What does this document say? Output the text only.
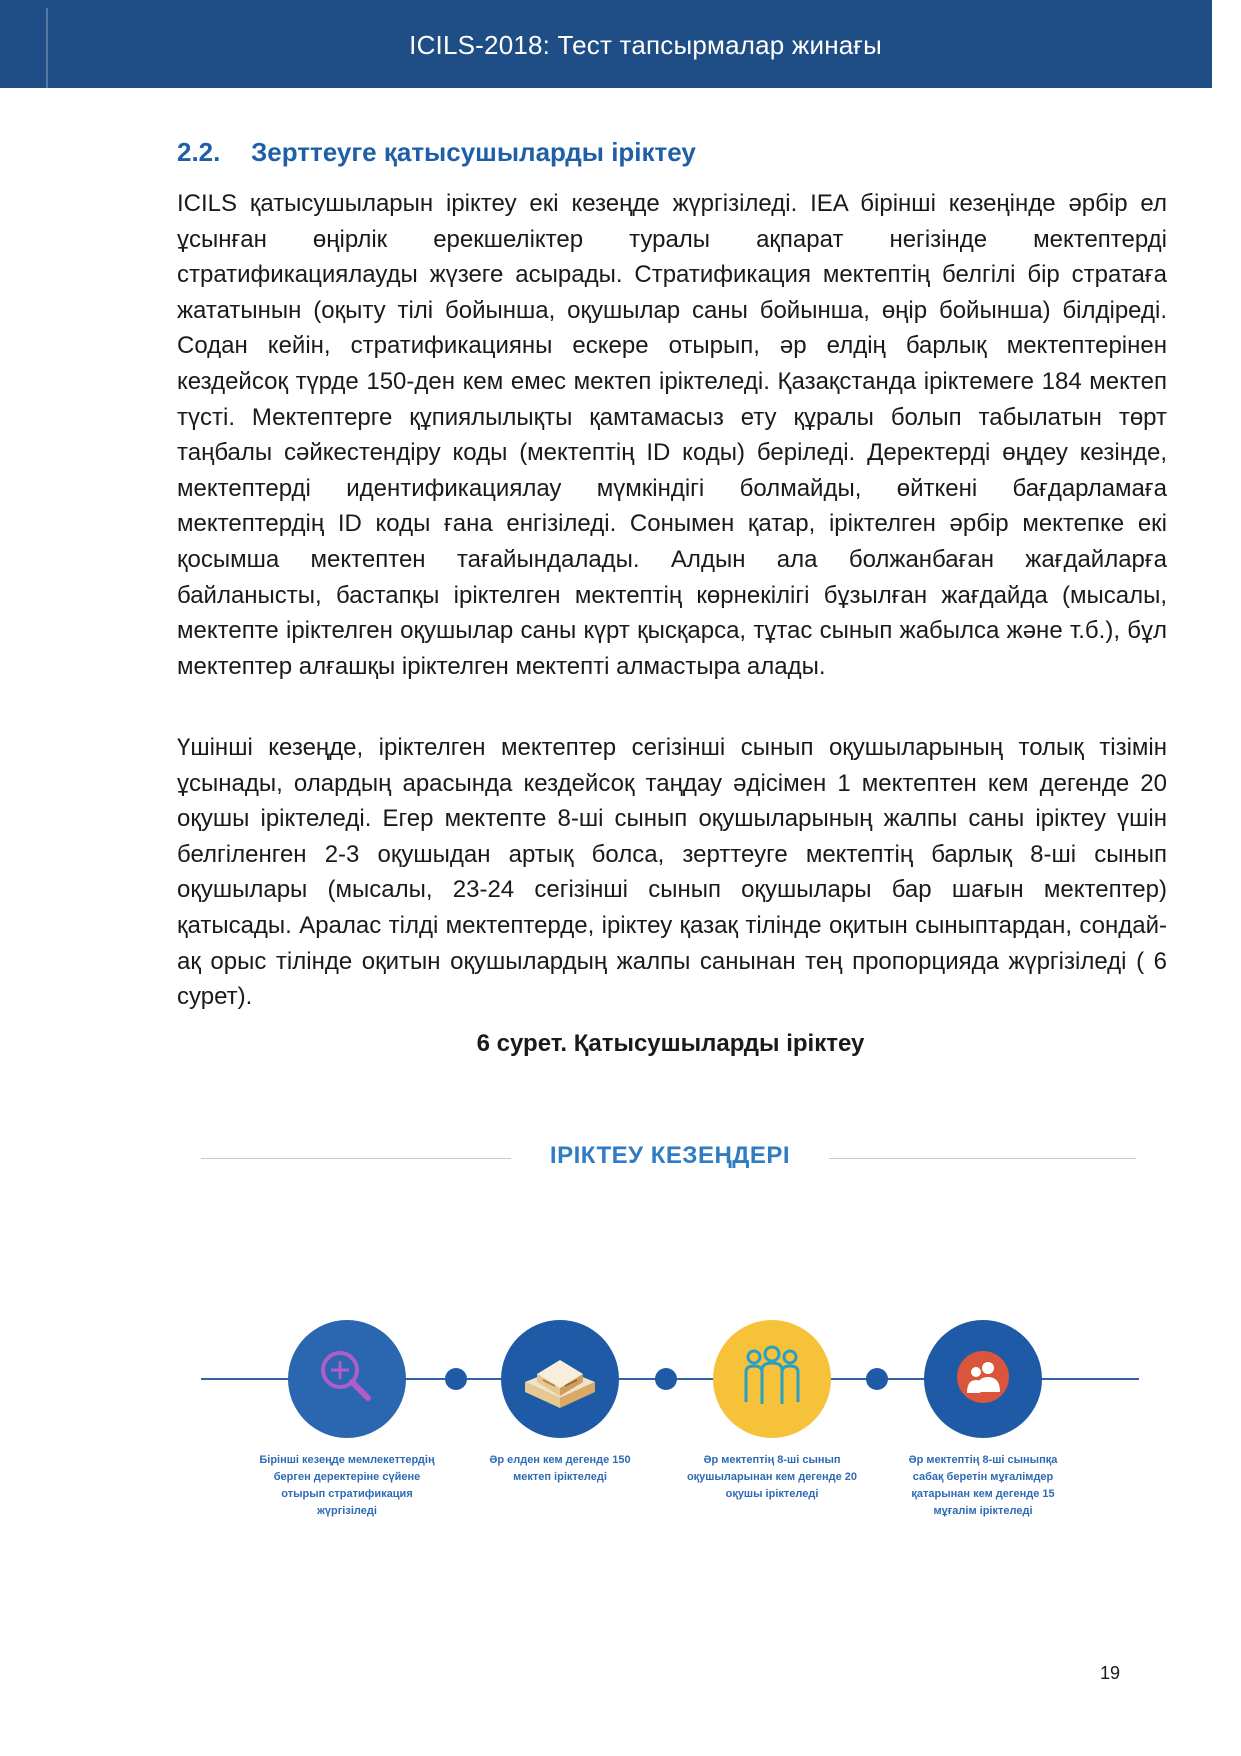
ICILS-2018: Тест тапсырмалар жинағы
2.2.	Зерттеуге қатысушыларды іріктеу

ICILS қатысушыларын іріктеу екі кезеңде жүргізіледі. IEA бірінші кезеңінде әрбір ел ұсынған өңірлік ерекшеліктер туралы ақпарат негізінде мектептерді стратификациялауды жүзеге асырады. Стратификация мектептің белгілі бір стратаға жататынын (оқыту тілі бойынша, оқушылар саны бойынша, өңір бойынша) білдіреді. Содан кейін, стратификацияны ескере отырып, әр елдің барлық мектептерінен кездейсоқ түрде 150-ден кем емес мектеп іріктеледі. Қазақстанда іріктемеге 184 мектеп түсті. Мектептерге құпиялылықты қамтамасыз ету құралы болып табылатын төрт таңбалы сәйкестендіру коды (мектептің ID коды) беріледі. Деректерді өңдеу кезінде, мектептерді идентификациялау мүмкіндігі болмайды, өйткені бағдарламаға мектептердің ID коды ғана енгізіледі. Сонымен қатар, іріктелген әрбір мектепке екі қосымша мектептен тағайындалады. Алдын ала болжанбаған жағдайларға байланысты, бастапқы іріктелген мектептің көрнекілігі бұзылған жағдайда (мысалы, мектепте іріктелген оқушылар саны күрт қысқарса, тұтас сынып жабылса және т.б.), бұл мектептер алғашқы іріктелген мектепті алмастыра алады.

Үшінші кезеңде, іріктелген мектептер сегізінші сынып оқушыларының толық тізімін ұсынады, олардың арасында кездейсоқ таңдау әдісімен 1 мектептен кем дегенде 20 оқушы іріктеледі. Егер мектепте 8-ші сынып оқушыларының жалпы саны іріктеу үшін белгіленген 2-3 оқушыдан артық болса, зерттеуге мектептің барлық 8-ші сынып оқушылары (мысалы, 23-24 сегізінші сынып оқушылары бар шағын мектептер) қатысады. Аралас тілді мектептерде, іріктеу қазақ тілінде оқитын сыныптардан, сондай-ақ орыс тілінде оқитын оқушылардың жалпы санынан тең пропорцияда жүргізіледі ( 6 сурет).

6 сурет. Қатысушыларды іріктеу
ІРІКТЕУ КЕЗЕҢДЕРІ
Бірінші кезеңде мемлекеттердің берген деректеріне сүйене отырып стратификация жүргізіледі
Әр елден кем дегенде 150 мектеп іріктеледі
Әр мектептің 8-ші сынып оқушыларынан кем дегенде 20 оқушы іріктеледі
Әр мектептің 8-ші сыныпқа сабақ беретін мұғалімдер қатарынан кем дегенде 15 мұғалім іріктеледі
19
